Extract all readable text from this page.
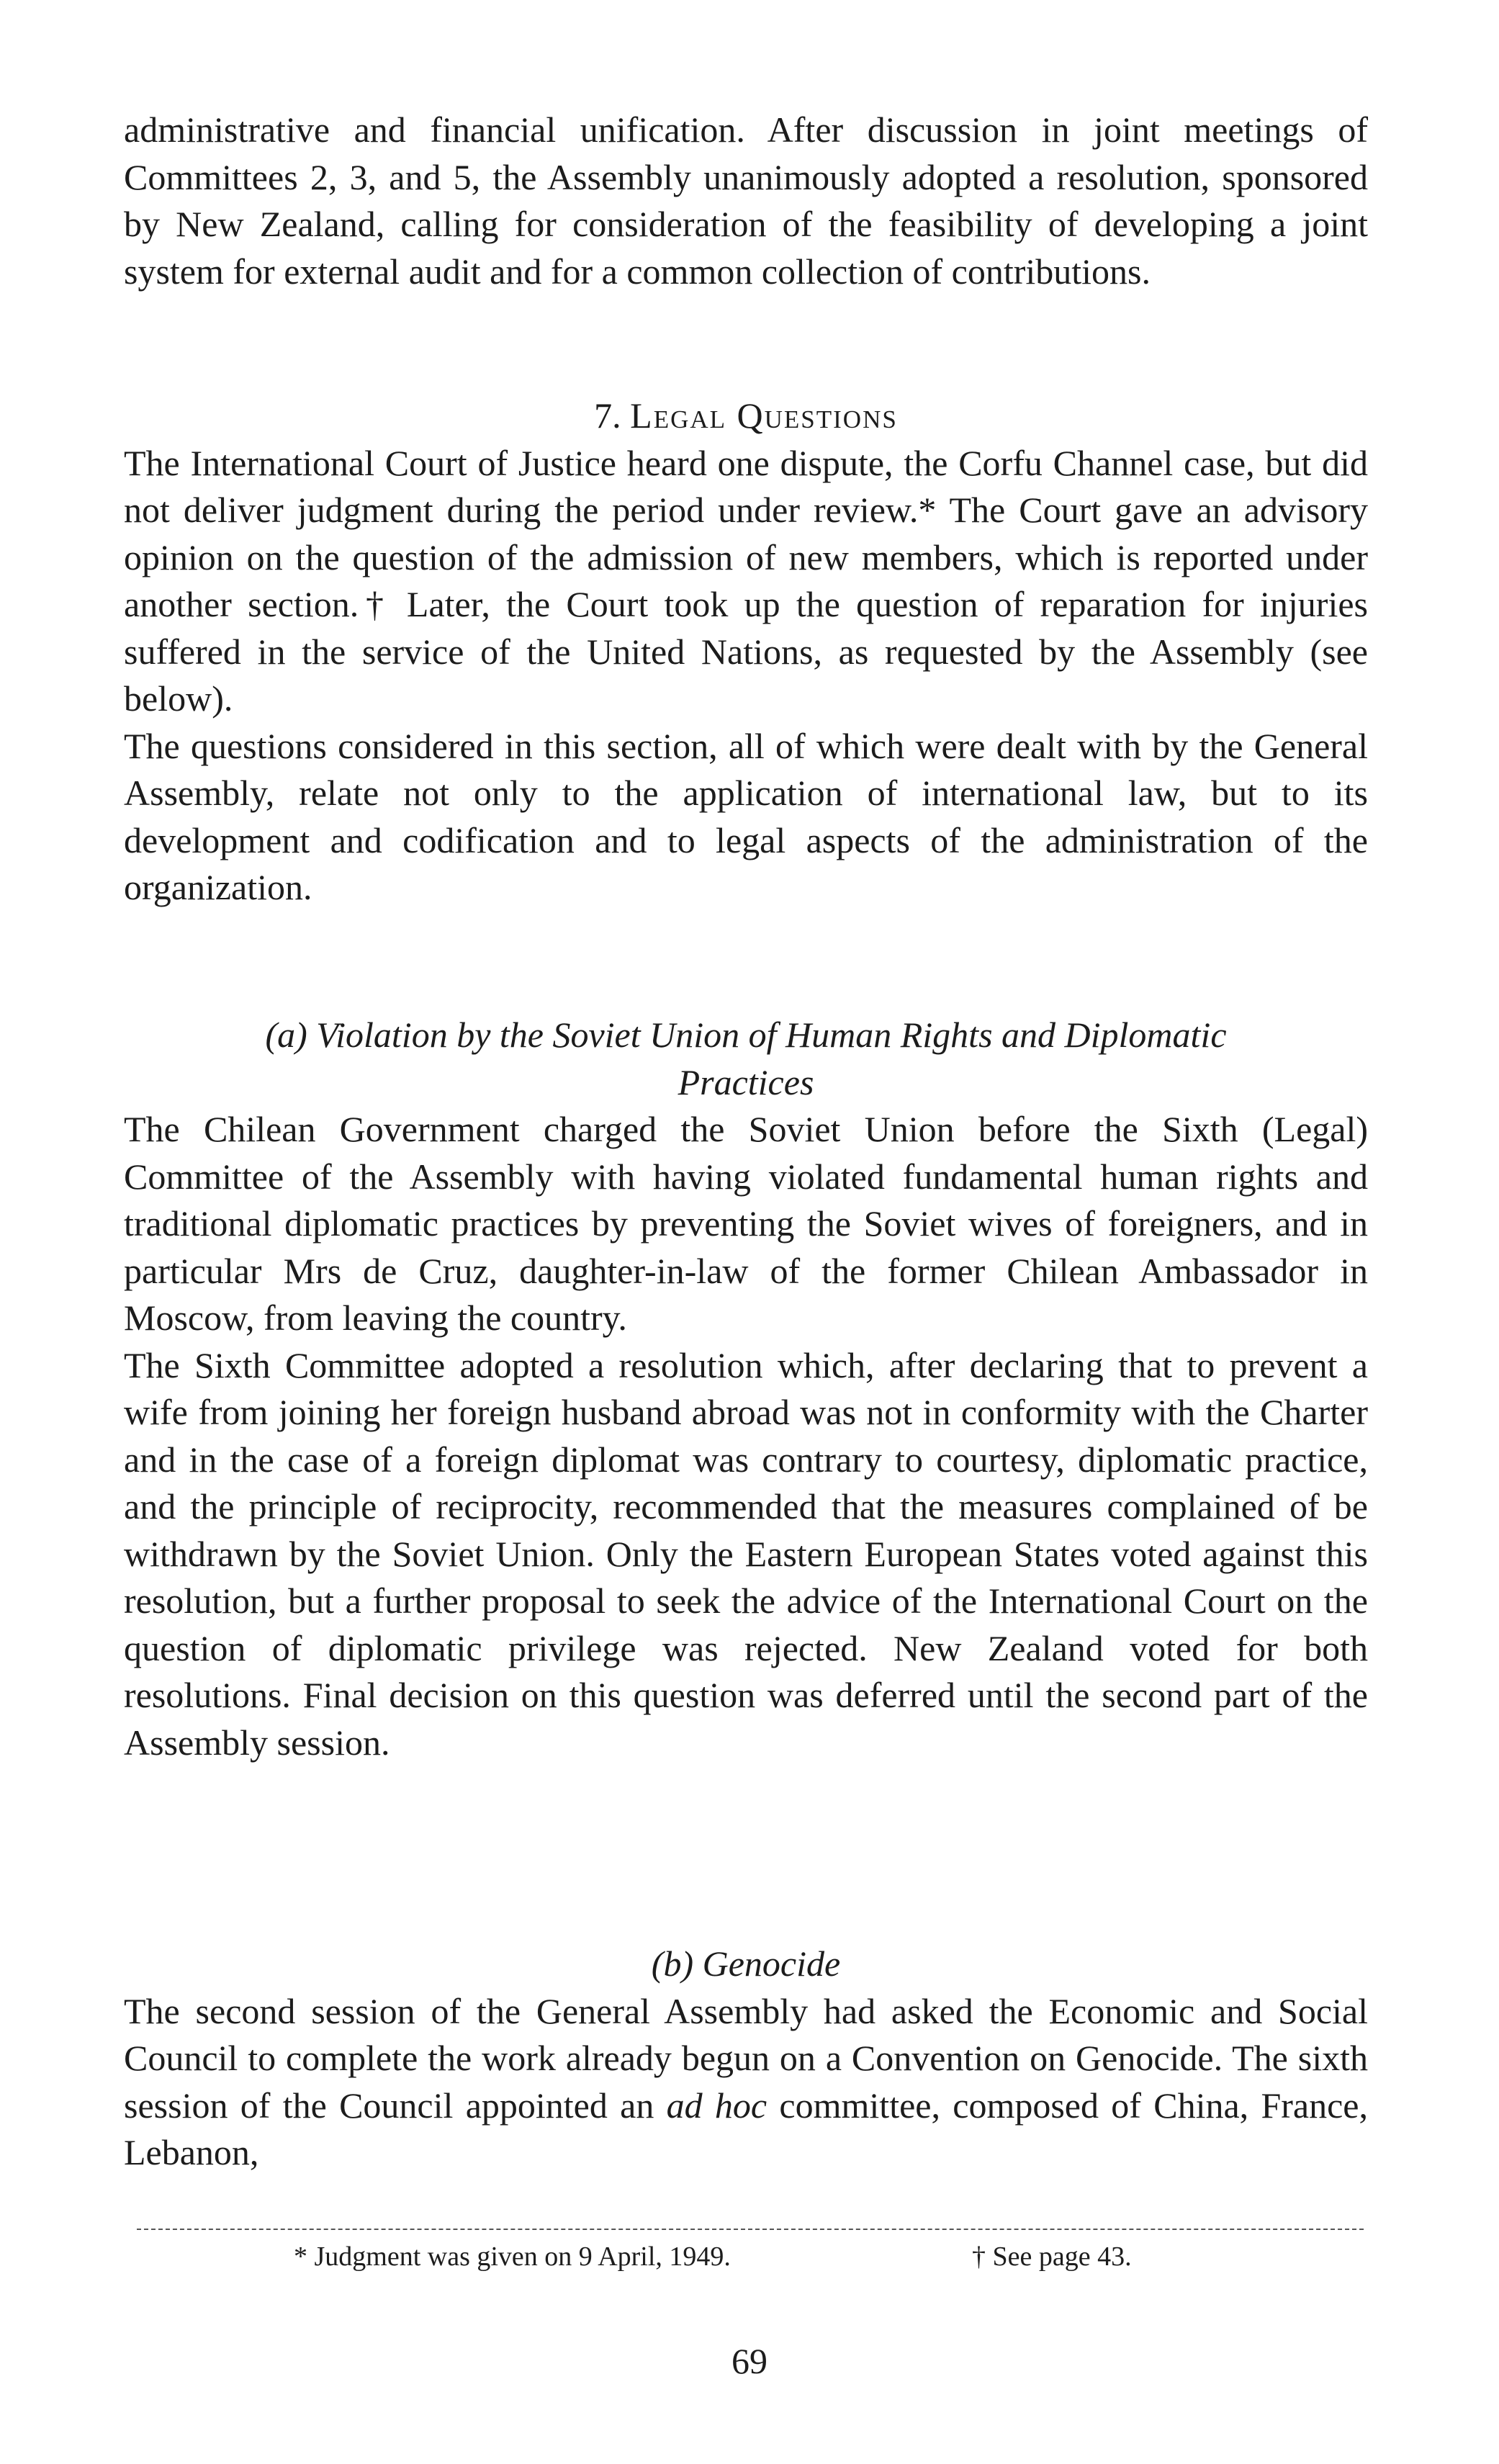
administrative and financial unification. After discussion in joint meetings of Committees 2, 3, and 5, the Assembly unanimously adopted a resolution, sponsored by New Zealand, calling for consideration of the feasibility of developing a joint system for external audit and for a common collection of contributions.

7. Legal Questions

The International Court of Justice heard one dispute, the Corfu Channel case, but did not deliver judgment during the period under review.* The Court gave an advisory opinion on the question of the admission of new members, which is reported under another section.† Later, the Court took up the question of reparation for injuries suffered in the service of the United Nations, as requested by the Assembly (see below).

The questions considered in this section, all of which were dealt with by the General Assembly, relate not only to the application of international law, but to its development and codification and to legal aspects of the administration of the organization.

(a) Violation by the Soviet Union of Human Rights and Diplomatic
Practices

The Chilean Government charged the Soviet Union before the Sixth (Legal) Committee of the Assembly with having violated fundamental human rights and traditional diplomatic practices by preventing the Soviet wives of foreigners, and in particular Mrs de Cruz, daughter-in-law of the former Chilean Ambassador in Moscow, from leaving the country.

The Sixth Committee adopted a resolution which, after declaring that to prevent a wife from joining her foreign husband abroad was not in conformity with the Charter and in the case of a foreign diplomat was contrary to courtesy, diplomatic practice, and the principle of reciprocity, recommended that the measures complained of be withdrawn by the Soviet Union. Only the Eastern European States voted against this resolution, but a further proposal to seek the advice of the International Court on the question of diplomatic privilege was rejected. New Zealand voted for both resolutions. Final decision on this question was deferred until the second part of the Assembly session.

(b) Genocide

The second session of the General Assembly had asked the Economic and Social Council to complete the work already begun on a Convention on Genocide. The sixth session of the Council appointed an ad hoc committee, composed of China, France, Lebanon,

* Judgment was given on 9 April, 1949.	† See page 43.
69
